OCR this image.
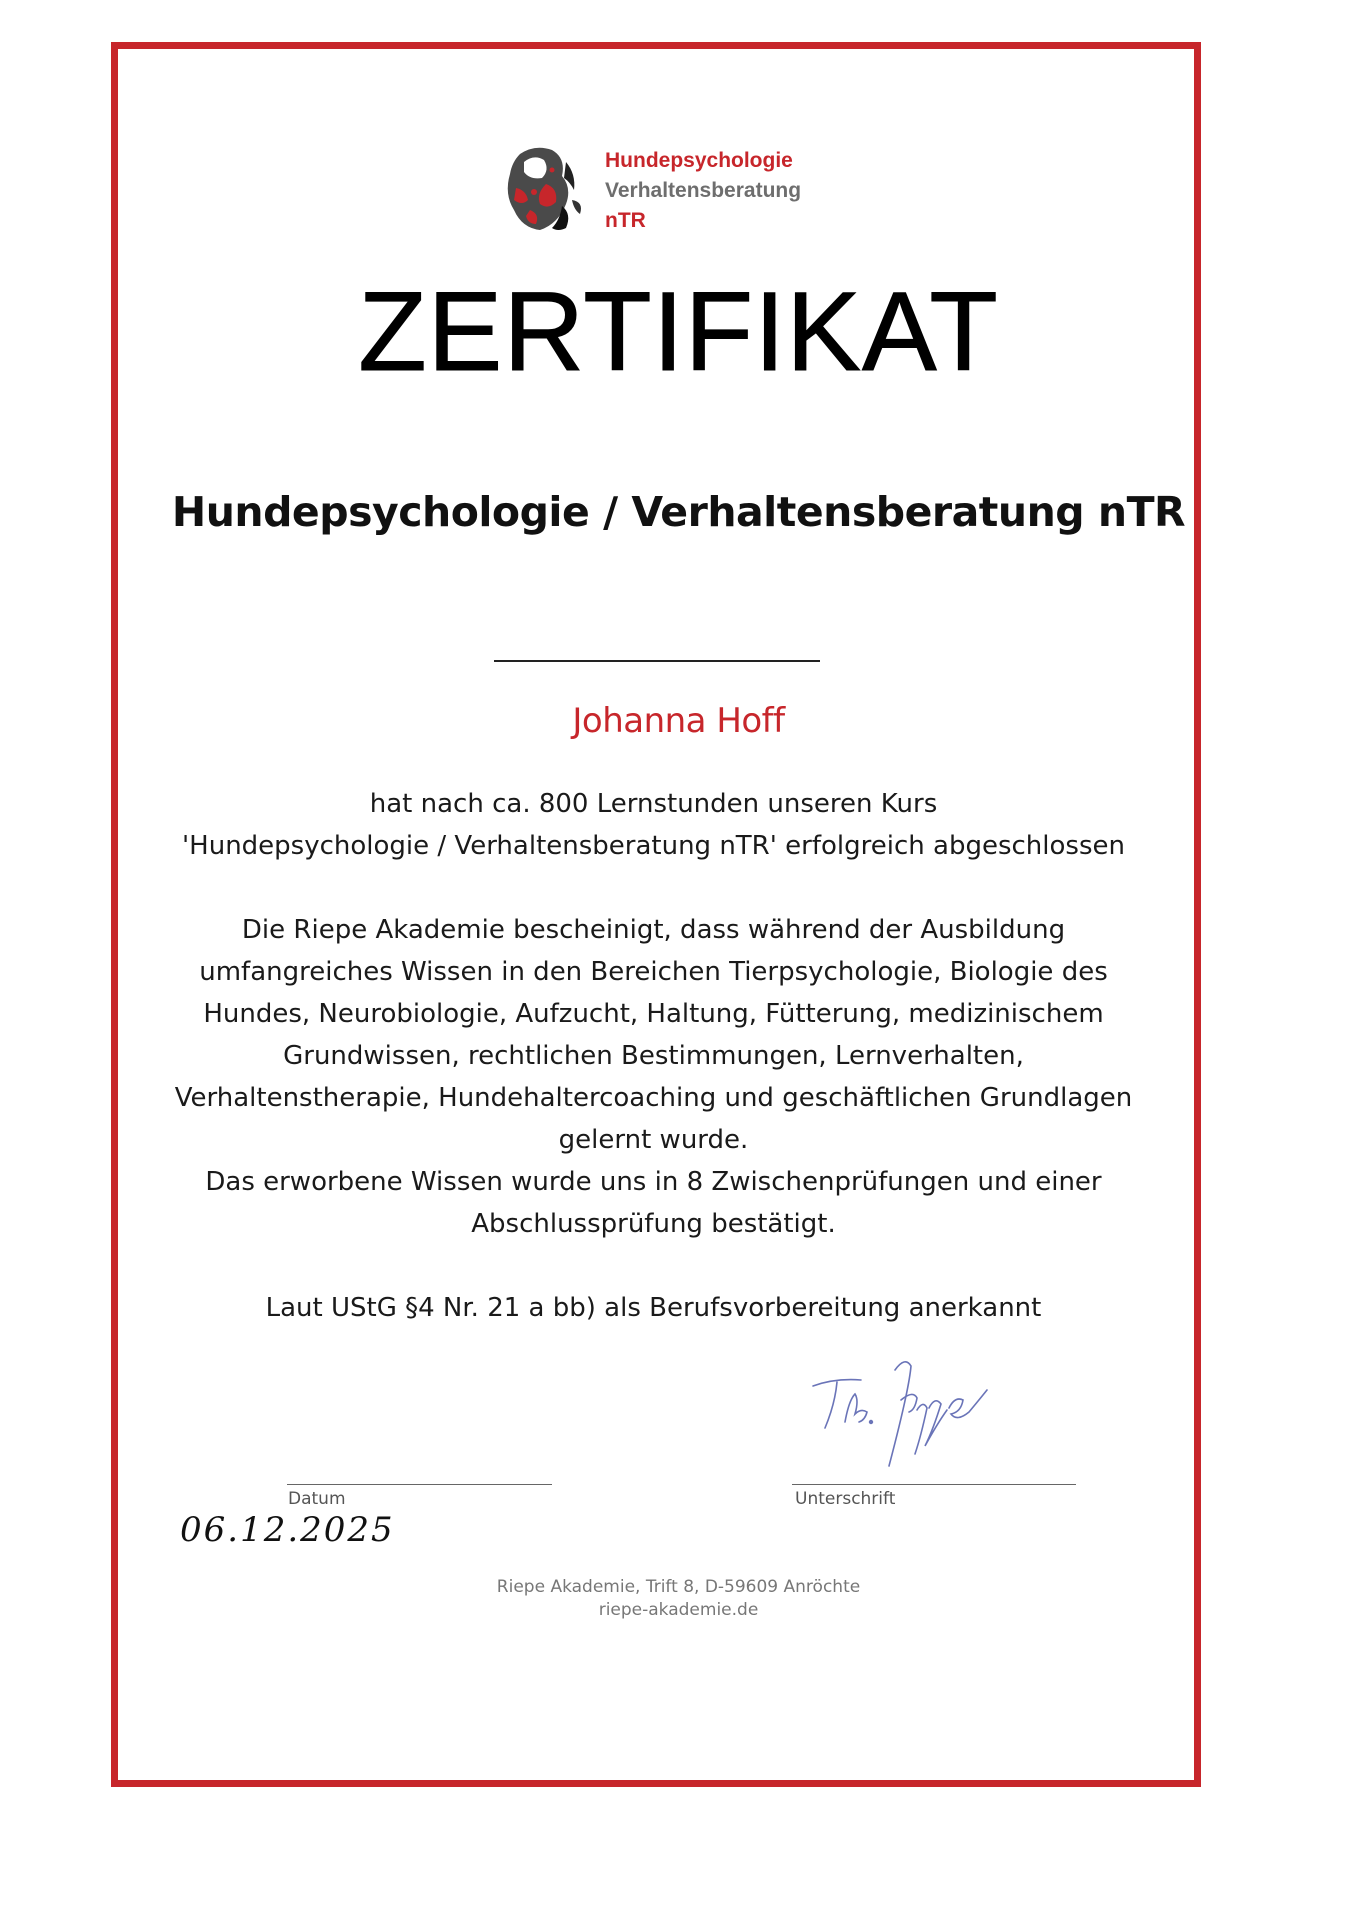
Hundepsychologie
Verhaltensberatung
nTR
ZERTIFIKAT
Hundepsychologie / Verhaltensberatung nTR
Johanna Hoff
hat nach ca. 800 Lernstunden unseren Kurs
'Hundepsychologie / Verhaltensberatung nTR' erfolgreich abgeschlossen
Die Riepe Akademie bescheinigt, dass während der Ausbildung
umfangreiches Wissen in den Bereichen Tierpsychologie, Biologie des
Hundes, Neurobiologie, Aufzucht, Haltung, Fütterung, medizinischem
Grundwissen, rechtlichen Bestimmungen, Lernverhalten,
Verhaltenstherapie, Hundehaltercoaching und geschäftlichen Grundlagen
gelernt wurde.
Das erworbene Wissen wurde uns in 8 Zwischenprüfungen und einer
Abschlussprüfung bestätigt.
Laut UStG §4 Nr. 21 a bb) als Berufsvorbereitung anerkannt
Datum	Unterschrift
06.12.2025
Riepe Akademie, Trift 8, D-59609 Anröchte
riepe-akademie.de
